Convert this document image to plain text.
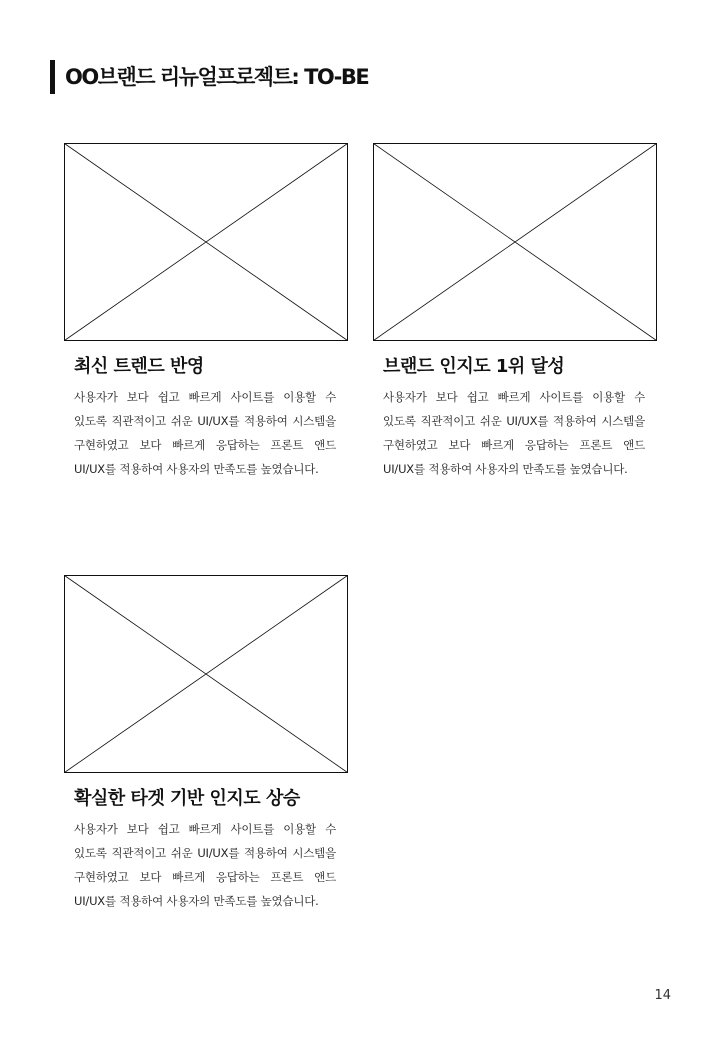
OO브랜드 리뉴얼프로젝트: TO-BE
최신 트렌드 반영
사용자가 보다 쉽고 빠르게 사이트를 이용할 수 있도록 직관적이고 쉬운 UI/UX를 적용하여 시스템을 구현하였고 보다 빠르게 응답하는 프론트 앤드 UI/UX를 적용하여 사용자의 만족도를 높였습니다.
브랜드 인지도 1위 달성
사용자가 보다 쉽고 빠르게 사이트를 이용할 수 있도록 직관적이고 쉬운 UI/UX를 적용하여 시스템을 구현하였고 보다 빠르게 응답하는 프론트 앤드 UI/UX를 적용하여 사용자의 만족도를 높였습니다.
확실한 타겟 기반 인지도 상승
사용자가 보다 쉽고 빠르게 사이트를 이용할 수 있도록 직관적이고 쉬운 UI/UX를 적용하여 시스템을 구현하였고 보다 빠르게 응답하는 프론트 앤드 UI/UX를 적용하여 사용자의 만족도를 높였습니다.
14
